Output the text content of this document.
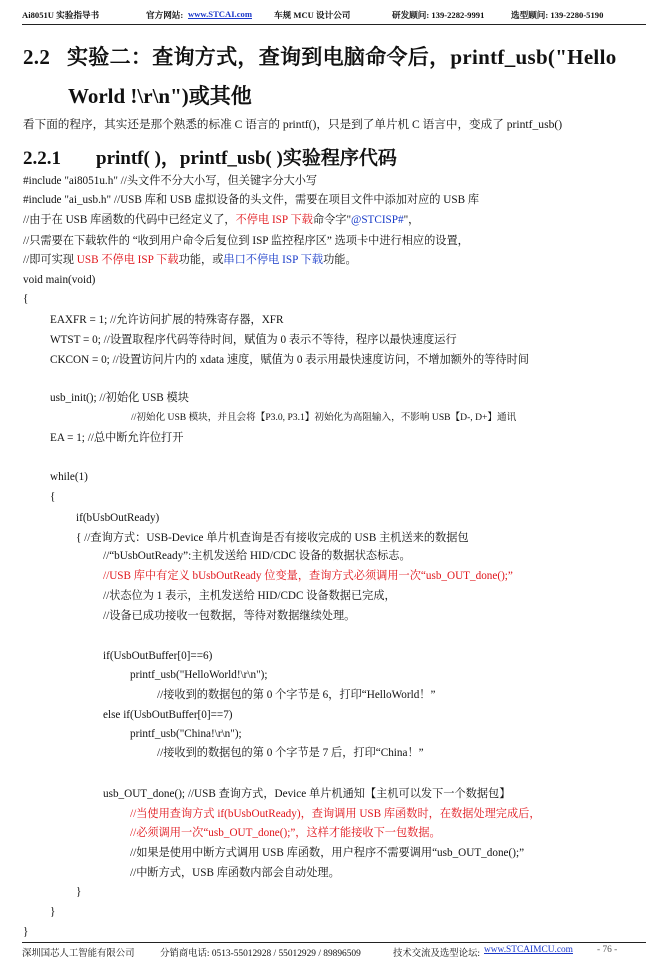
Ai8051U 实验指导书	官方网站: www.STCAI.com	车规 MCU 设计公司	研发顾问: 139-2282-9991	选型顾问: 139-2280-5190
2.2 实验二：查询方式，查询到电脑命令后，printf_usb("Hello
World !\r\n")或其他
看下面的程序，其实还是那个熟悉的标准 C 语言的 printf()，只是到了单片机 C 语言中，变成了 printf_usb()
2.2.1 printf( )，printf_usb( )实验程序代码
#include "ai8051u.h" //头文件不分大小写，但关键字分大小写
#include "ai_usb.h" //USB 库和 USB 虚拟设备的头文件，需要在项目文件中添加对应的 USB 库
//由于在 USB 库函数的代码中已经定义了，不停电 ISP 下载命令字"@STCISP#"，
//只需要在下载软件的 “收到用户命令后复位到 ISP 监控程序区” 选项卡中进行相应的设置，
//即可实现 USB 不停电 ISP 下载功能，或串口不停电 ISP 下载功能。
void main(void)
{
EAXFR = 1; //允许访问扩展的特殊寄存器，XFR
WTST = 0; //设置取程序代码等待时间，赋值为 0 表示不等待，程序以最快速度运行
CKCON = 0; //设置访问片内的 xdata 速度，赋值为 0 表示用最快速度访问，不增加额外的等待时间
usb_init(); //初始化 USB 模块
//初始化 USB 模块，并且会将【P3.0, P3.1】初始化为高阻输入，不影响 USB【D-, D+】通讯
EA = 1; //总中断允许位打开
while(1)
{
if(bUsbOutReady)
{ //查询方式：USB-Device 单片机查询是否有接收完成的 USB 主机送来的数据包
//“bUsbOutReady”:主机发送给 HID/CDC 设备的数据状态标志。
//USB 库中有定义 bUsbOutReady 位变量，查询方式必须调用一次“usb_OUT_done();”
//状态位为 1 表示，主机发送给 HID/CDC 设备数据已完成，
//设备已成功接收一包数据，等待对数据继续处理。
if(UsbOutBuffer[0]==6)
printf_usb("HelloWorld!\r\n");
//接收到的数据包的第 0 个字节是 6，打印“HelloWorld！”
else if(UsbOutBuffer[0]==7)
printf_usb("China!\r\n");
//接收到的数据包的第 0 个字节是 7 后，打印“China！”
usb_OUT_done(); //USB 查询方式，Device 单片机通知【主机可以发下一个数据包】
//当使用查询方式 if(bUsbOutReady)，查询调用 USB 库函数时，在数据处理完成后，
//必须调用一次“usb_OUT_done();”，这样才能接收下一包数据。
//如果是使用中断方式调用 USB 库函数，用户程序不需要调用“usb_OUT_done();”
//中断方式，USB 库函数内部会自动处理。
}
}
}
深圳国芯人工智能有限公司	分销商电话: 0513-55012928 / 55012929 / 89896509	技术交流及选型论坛: www.STCAIMCU.com	- 76 -
